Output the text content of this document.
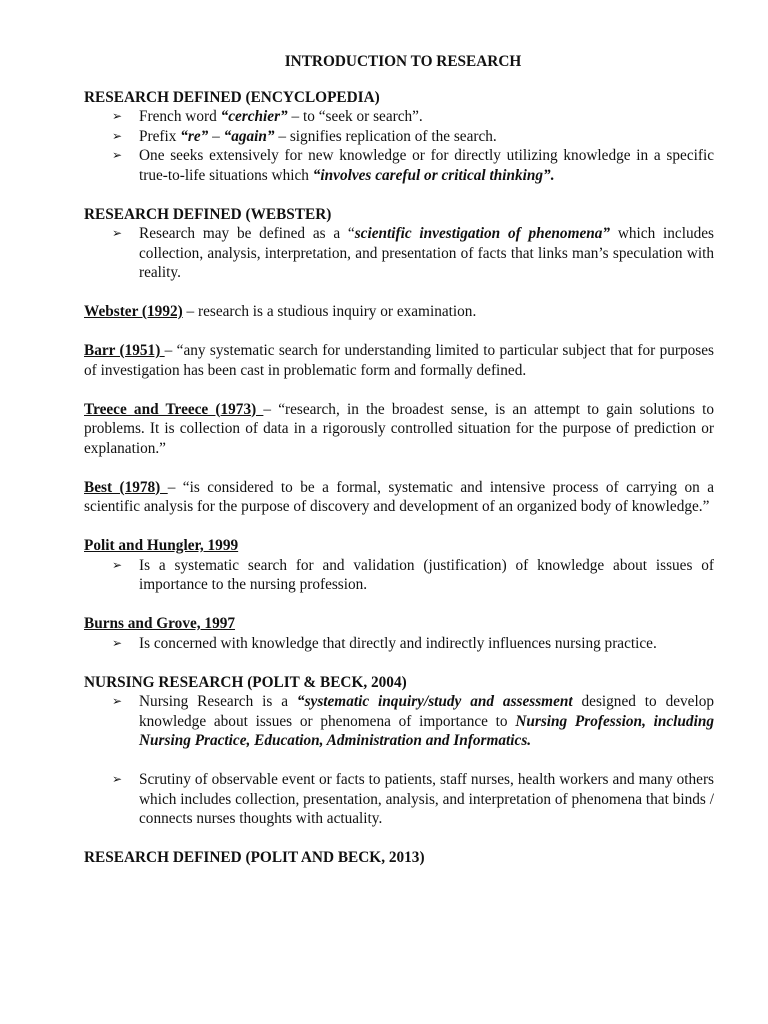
INTRODUCTION TO RESEARCH
RESEARCH DEFINED (ENCYCLOPEDIA)
➢ French word “cerchier” – to “seek or search”.
➢ Prefix “re” – “again” – signifies replication of the search.
➢ One seeks extensively for new knowledge or for directly utilizing knowledge in a specific true-to-life situations which “involves careful or critical thinking”.
RESEARCH DEFINED (WEBSTER)
➢ Research may be defined as a “scientific investigation of phenomena” which includes collection, analysis, interpretation, and presentation of facts that links man’s speculation with reality.

Webster (1992) – research is a studious inquiry or examination.

Barr (1951) – “any systematic search for understanding limited to particular subject that for purposes of investigation has been cast in problematic form and formally defined.

Treece and Treece (1973) – “research, in the broadest sense, is an attempt to gain solutions to problems. It is collection of data in a rigorously controlled situation for the purpose of prediction or explanation.”

Best (1978) – “is considered to be a formal, systematic and intensive process of carrying on a scientific analysis for the purpose of discovery and development of an organized body of knowledge.”

Polit and Hungler, 1999
➢ Is a systematic search for and validation (justification) of knowledge about issues of importance to the nursing profession.
Burns and Grove, 1997
➢ Is concerned with knowledge that directly and indirectly influences nursing practice.
NURSING RESEARCH (POLIT & BECK, 2004)
➢ Nursing Research is a “systematic inquiry/study and assessment designed to develop knowledge about issues or phenomena of importance to Nursing Profession, including Nursing Practice, Education, Administration and Informatics.
➢ Scrutiny of observable event or facts to patients, staff nurses, health workers and many others which includes collection, presentation, analysis, and interpretation of phenomena that binds / connects nurses thoughts with actuality.
RESEARCH DEFINED (POLIT AND BECK, 2013)
